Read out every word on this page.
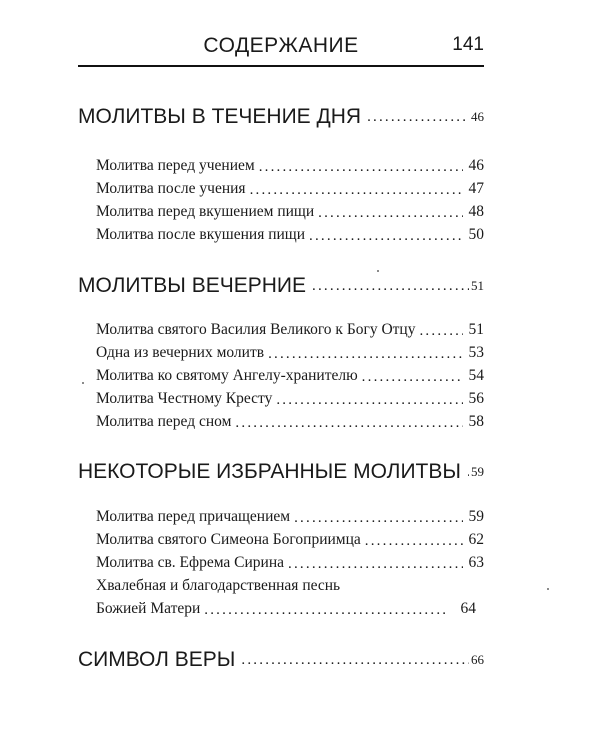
СОДЕРЖАНИЕ	141
МОЛИТВЫ В ТЕЧЕНИЕ ДНЯ .....	46
Молитва перед учением .....	46
Молитва после учения .....	47
Молитва перед вкушением пищи .....	48
Молитва после вкушения пищи .....	50
МОЛИТВЫ ВЕЧЕРНИЕ .....	51
Молитва святого Василия Великого к Богу Отцу .....	51
Одна из вечерних молитв .....	53
Молитва ко святому Ангелу-хранителю .....	54
Молитва Честному Кресту .....	56
Молитва перед сном .....	58
НЕКОТОРЫЕ ИЗБРАННЫЕ МОЛИТВЫ ..... 59
Молитва перед причащением .....	59
Молитва святого Симеона Богоприимца .....	62
Молитва св. Ефрема Сирина .....	63
Хвалебная и благодарственная песнь
Божией Матери .....	64
СИМВОЛ ВЕРЫ .....	66
